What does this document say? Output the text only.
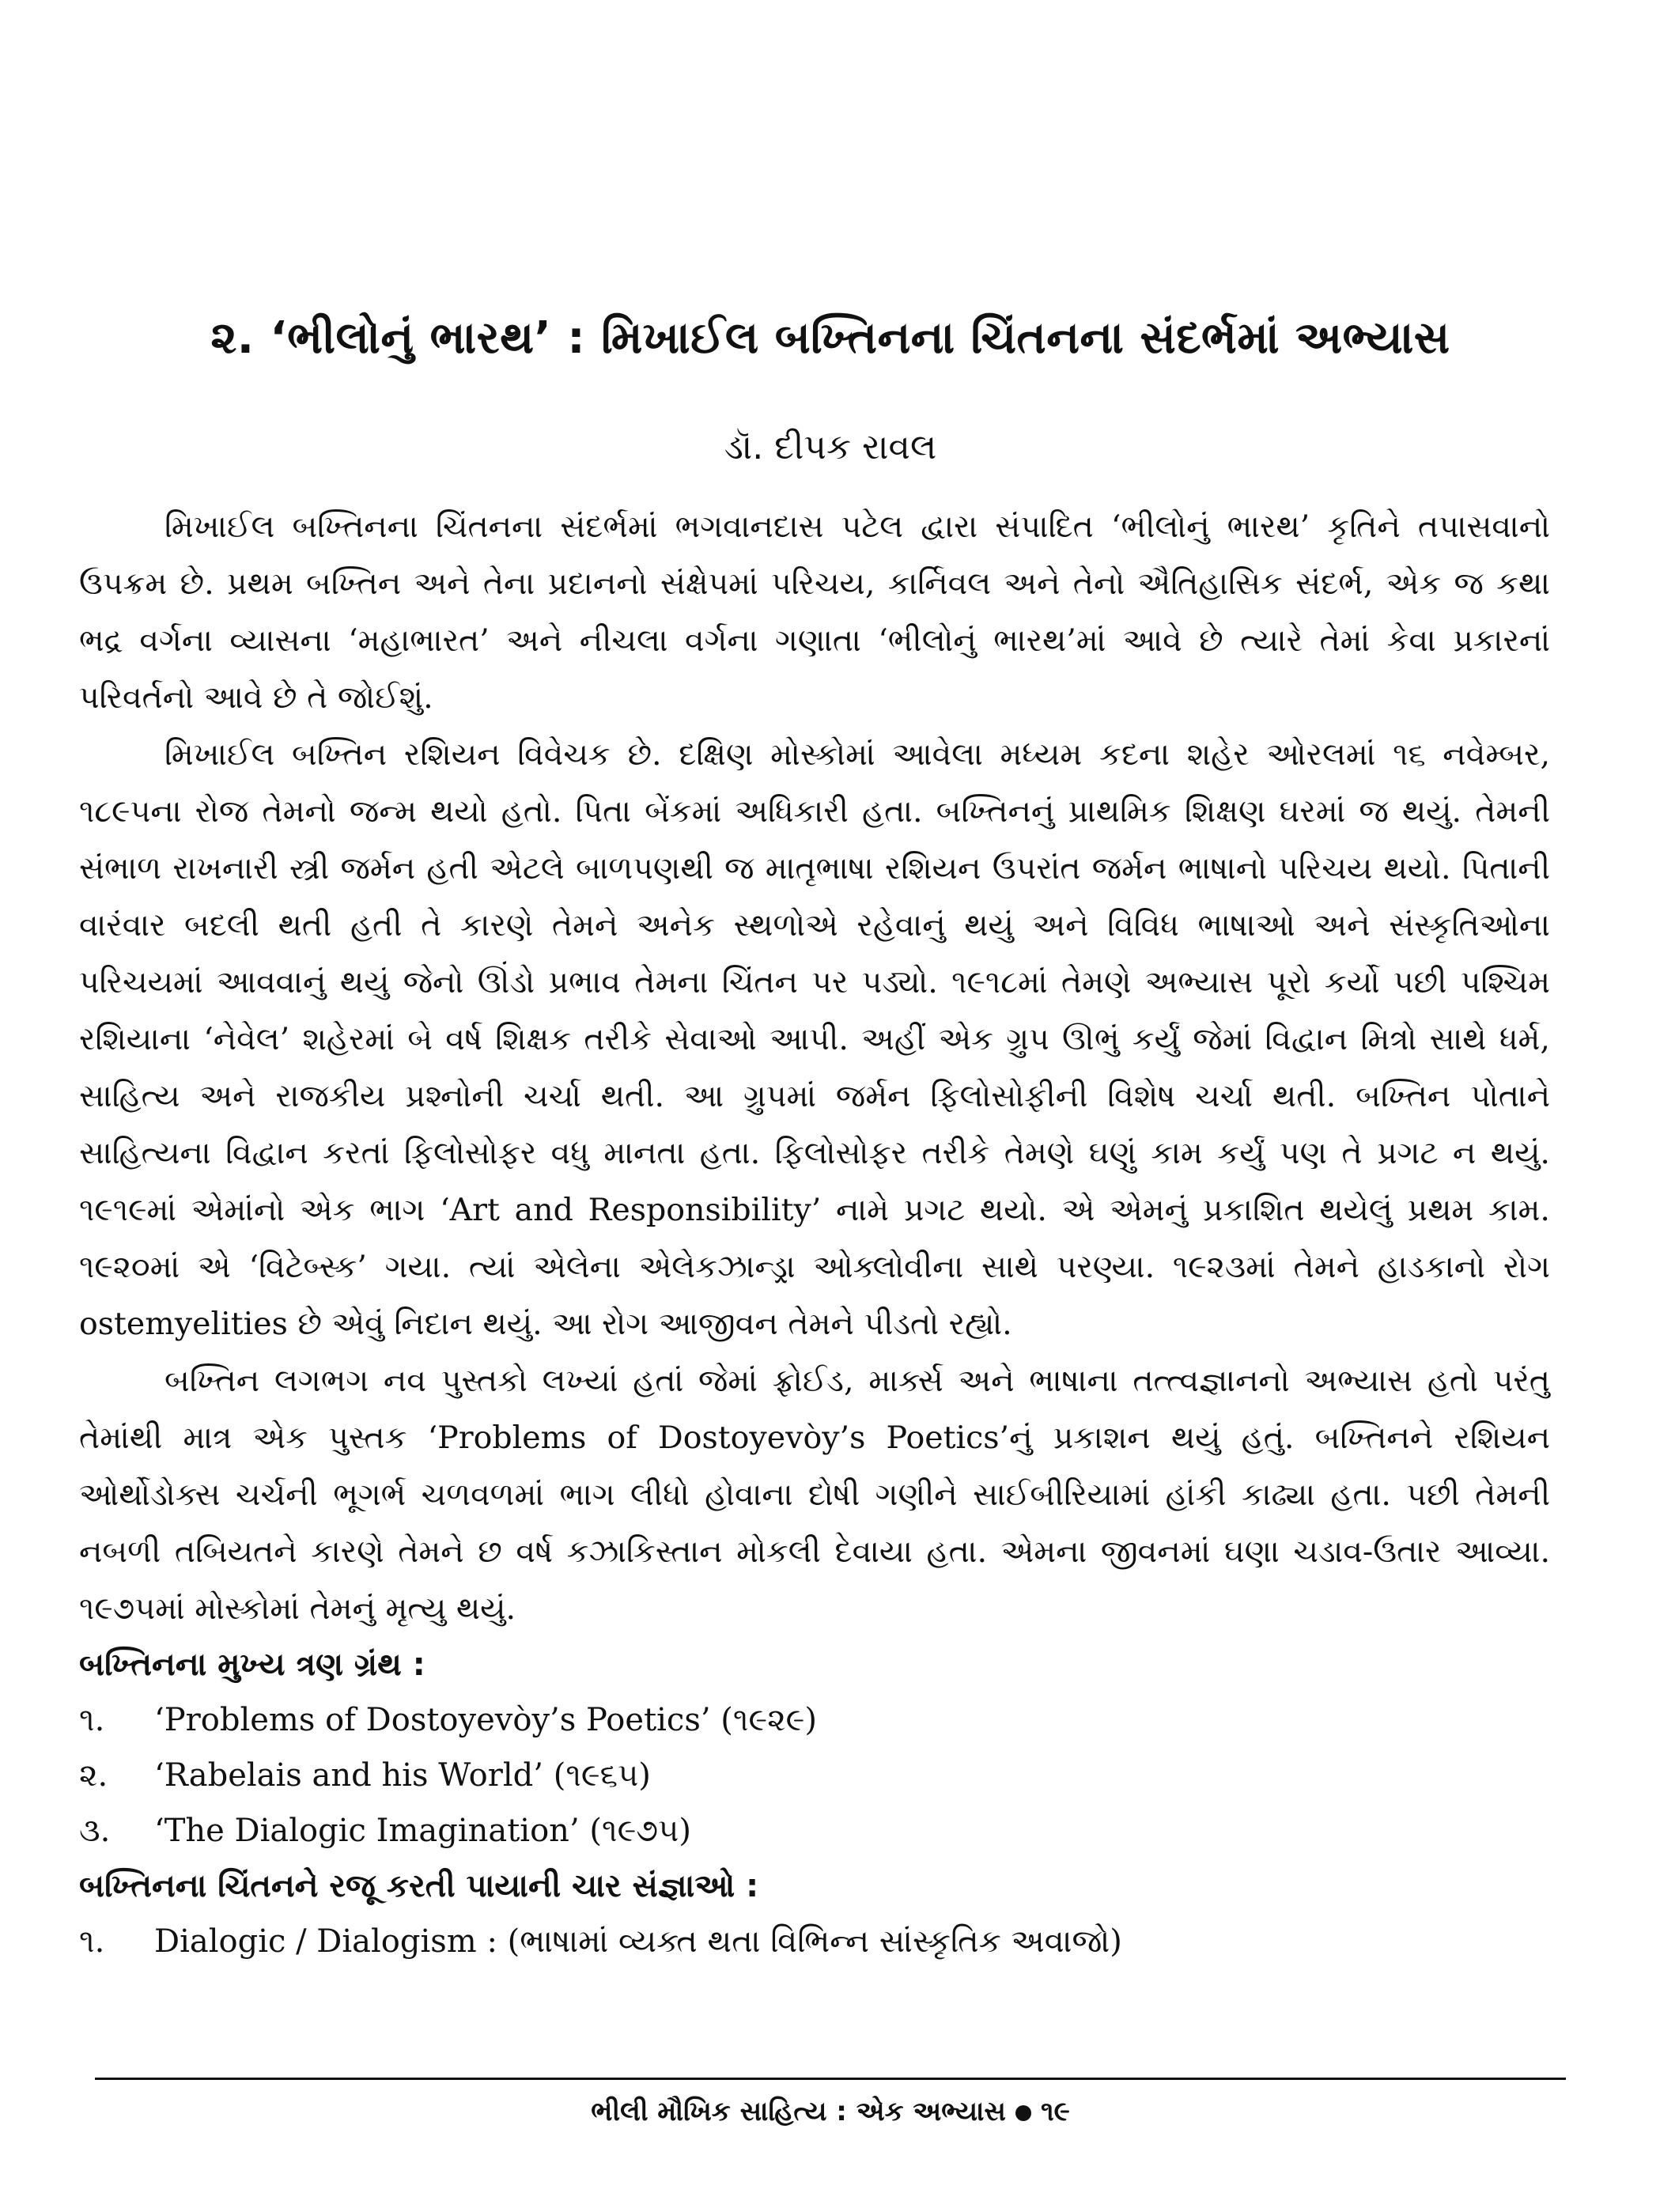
૨. ‘ભીલોનું ભારથ’ : મિખાઈલ બખ્તિનના ચિંતનના સંદર્ભમાં અભ્યાસ
ડૉ. દીપક રાવલ

મિખાઈલ બખ્તિનના ચિંતનના સંદર્ભમાં ભગવાનદાસ પટેલ દ્વારા સંપાદિત ‘ભીલોનું ભારથ’ કૃતિને તપાસવાનો ઉપક્રમ છે. પ્રથમ બખ્તિન અને તેના પ્રદાનનો સંક્ષેપમાં પરિચય, કાર્નિવલ અને તેનો ઐતિહાસિક સંદર્ભ, એક જ કથા ભદ્ર વર્ગના વ્યાસના ‘મહાભારત’ અને નીચલા વર્ગના ગણાતા ‘ભીલોનું ભારથ’માં આવે છે ત્યારે તેમાં કેવા પ્રકારનાં પરિવર્તનો આવે છે તે જોઈશું.

મિખાઈલ બખ્તિન રશિયન વિવેચક છે. દક્ષિણ મોસ્કોમાં આવેલા મધ્યમ કદના શહેર ઓરલમાં ૧૬ નવેમ્બર, ૧૮૯૫ના રોજ તેમનો જન્મ થયો હતો. પિતા બેંકમાં અધિકારી હતા. બખ્તિનનું પ્રાથમિક શિક્ષણ ઘરમાં જ થયું. તેમની સંભાળ રાખનારી સ્ત્રી જર્મન હતી એટલે બાળપણથી જ માતૃભાષા રશિયન ઉપરાંત જર્મન ભાષાનો પરિચય થયો. પિતાની વારંવાર બદલી થતી હતી તે કારણે તેમને અનેક સ્થળોએ રહેવાનું થયું અને વિવિધ ભાષાઓ અને સંસ્કૃતિઓના પરિચયમાં આવવાનું થયું જેનો ઊંડો પ્રભાવ તેમના ચિંતન પર પડ્યો. ૧૯૧૮માં તેમણે અભ્યાસ પૂરો કર્યો પછી પશ્ચિમ રશિયાના ‘નેવેલ’ શહેરમાં બે વર્ષ શિક્ષક તરીકે સેવાઓ આપી. અહીં એક ગ્રુપ ઊભું કર્યું જેમાં વિદ્વાન મિત્રો સાથે ધર્મ, સાહિત્ય અને રાજકીય પ્રશ્નોની ચર્ચા થતી. આ ગ્રુપમાં જર્મન ફિલોસોફીની વિશેષ ચર્ચા થતી. બખ્તિન પોતાને સાહિત્યના વિદ્વાન કરતાં ફિલોસોફર વધુ માનતા હતા. ફિલોસોફર તરીકે તેમણે ઘણું કામ કર્યું પણ તે પ્રગટ ન થયું. ૧૯૧૯માં એમાંનો એક ભાગ ‘Art and Responsibility’ નામે પ્રગટ થયો. એ એમનું પ્રકાશિત થયેલું પ્રથમ કામ. ૧૯૨૦માં એ ‘વિટેબ્સ્ક’ ગયા. ત્યાં એલેના એલેકઝાન્ડ્રા ઓક્લોવીના સાથે પરણ્યા. ૧૯૨૩માં તેમને હાડકાનો રોગ ostemyelities છે એવું નિદાન થયું. આ રોગ આજીવન તેમને પીડતો રહ્યો.

બખ્તિન લગભગ નવ પુસ્તકો લખ્યાં હતાં જેમાં ફ્રોઈડ, માર્ક્સ અને ભાષાના તત્ત્વજ્ઞાનનો અભ્યાસ હતો પરંતુ તેમાંથી માત્ર એક પુસ્તક ‘Problems of Dostoyevòy’s Poetics’નું પ્રકાશન થયું હતું. બખ્તિનને રશિયન ઓર્થોડોક્સ ચર્ચની ભૂગર્ભ ચળવળમાં ભાગ લીધો હોવાના દોષી ગણીને સાઈબીરિયામાં હાંકી કાઢ્યા હતા. પછી તેમની નબળી તબિયતને કારણે તેમને છ વર્ષ કઝાકિસ્તાન મોકલી દેવાયા હતા. એમના જીવનમાં ઘણા ચડાવ-ઉતાર આવ્યા. ૧૯૭૫માં મોસ્કોમાં તેમનું મૃત્યુ થયું.

બખ્તિનના મુખ્ય ત્રણ ગ્રંથ :

૧. ‘Problems of Dostoyevòy’s Poetics’ (૧૯૨૯)

૨. ‘Rabelais and his World’ (૧૯૬૫)

૩. ‘The Dialogic Imagination’ (૧૯૭૫)

બખ્તિનના ચિંતનને રજૂ કરતી પાયાની ચાર સંજ્ઞાઓ :

૧. Dialogic / Dialogism : (ભાષામાં વ્યક્ત થતા વિભિન્ન સાંસ્કૃતિક અવાજો)

ભીલી મૌખિક સાહિત્ય : એક અભ્યાસ ૧૯
